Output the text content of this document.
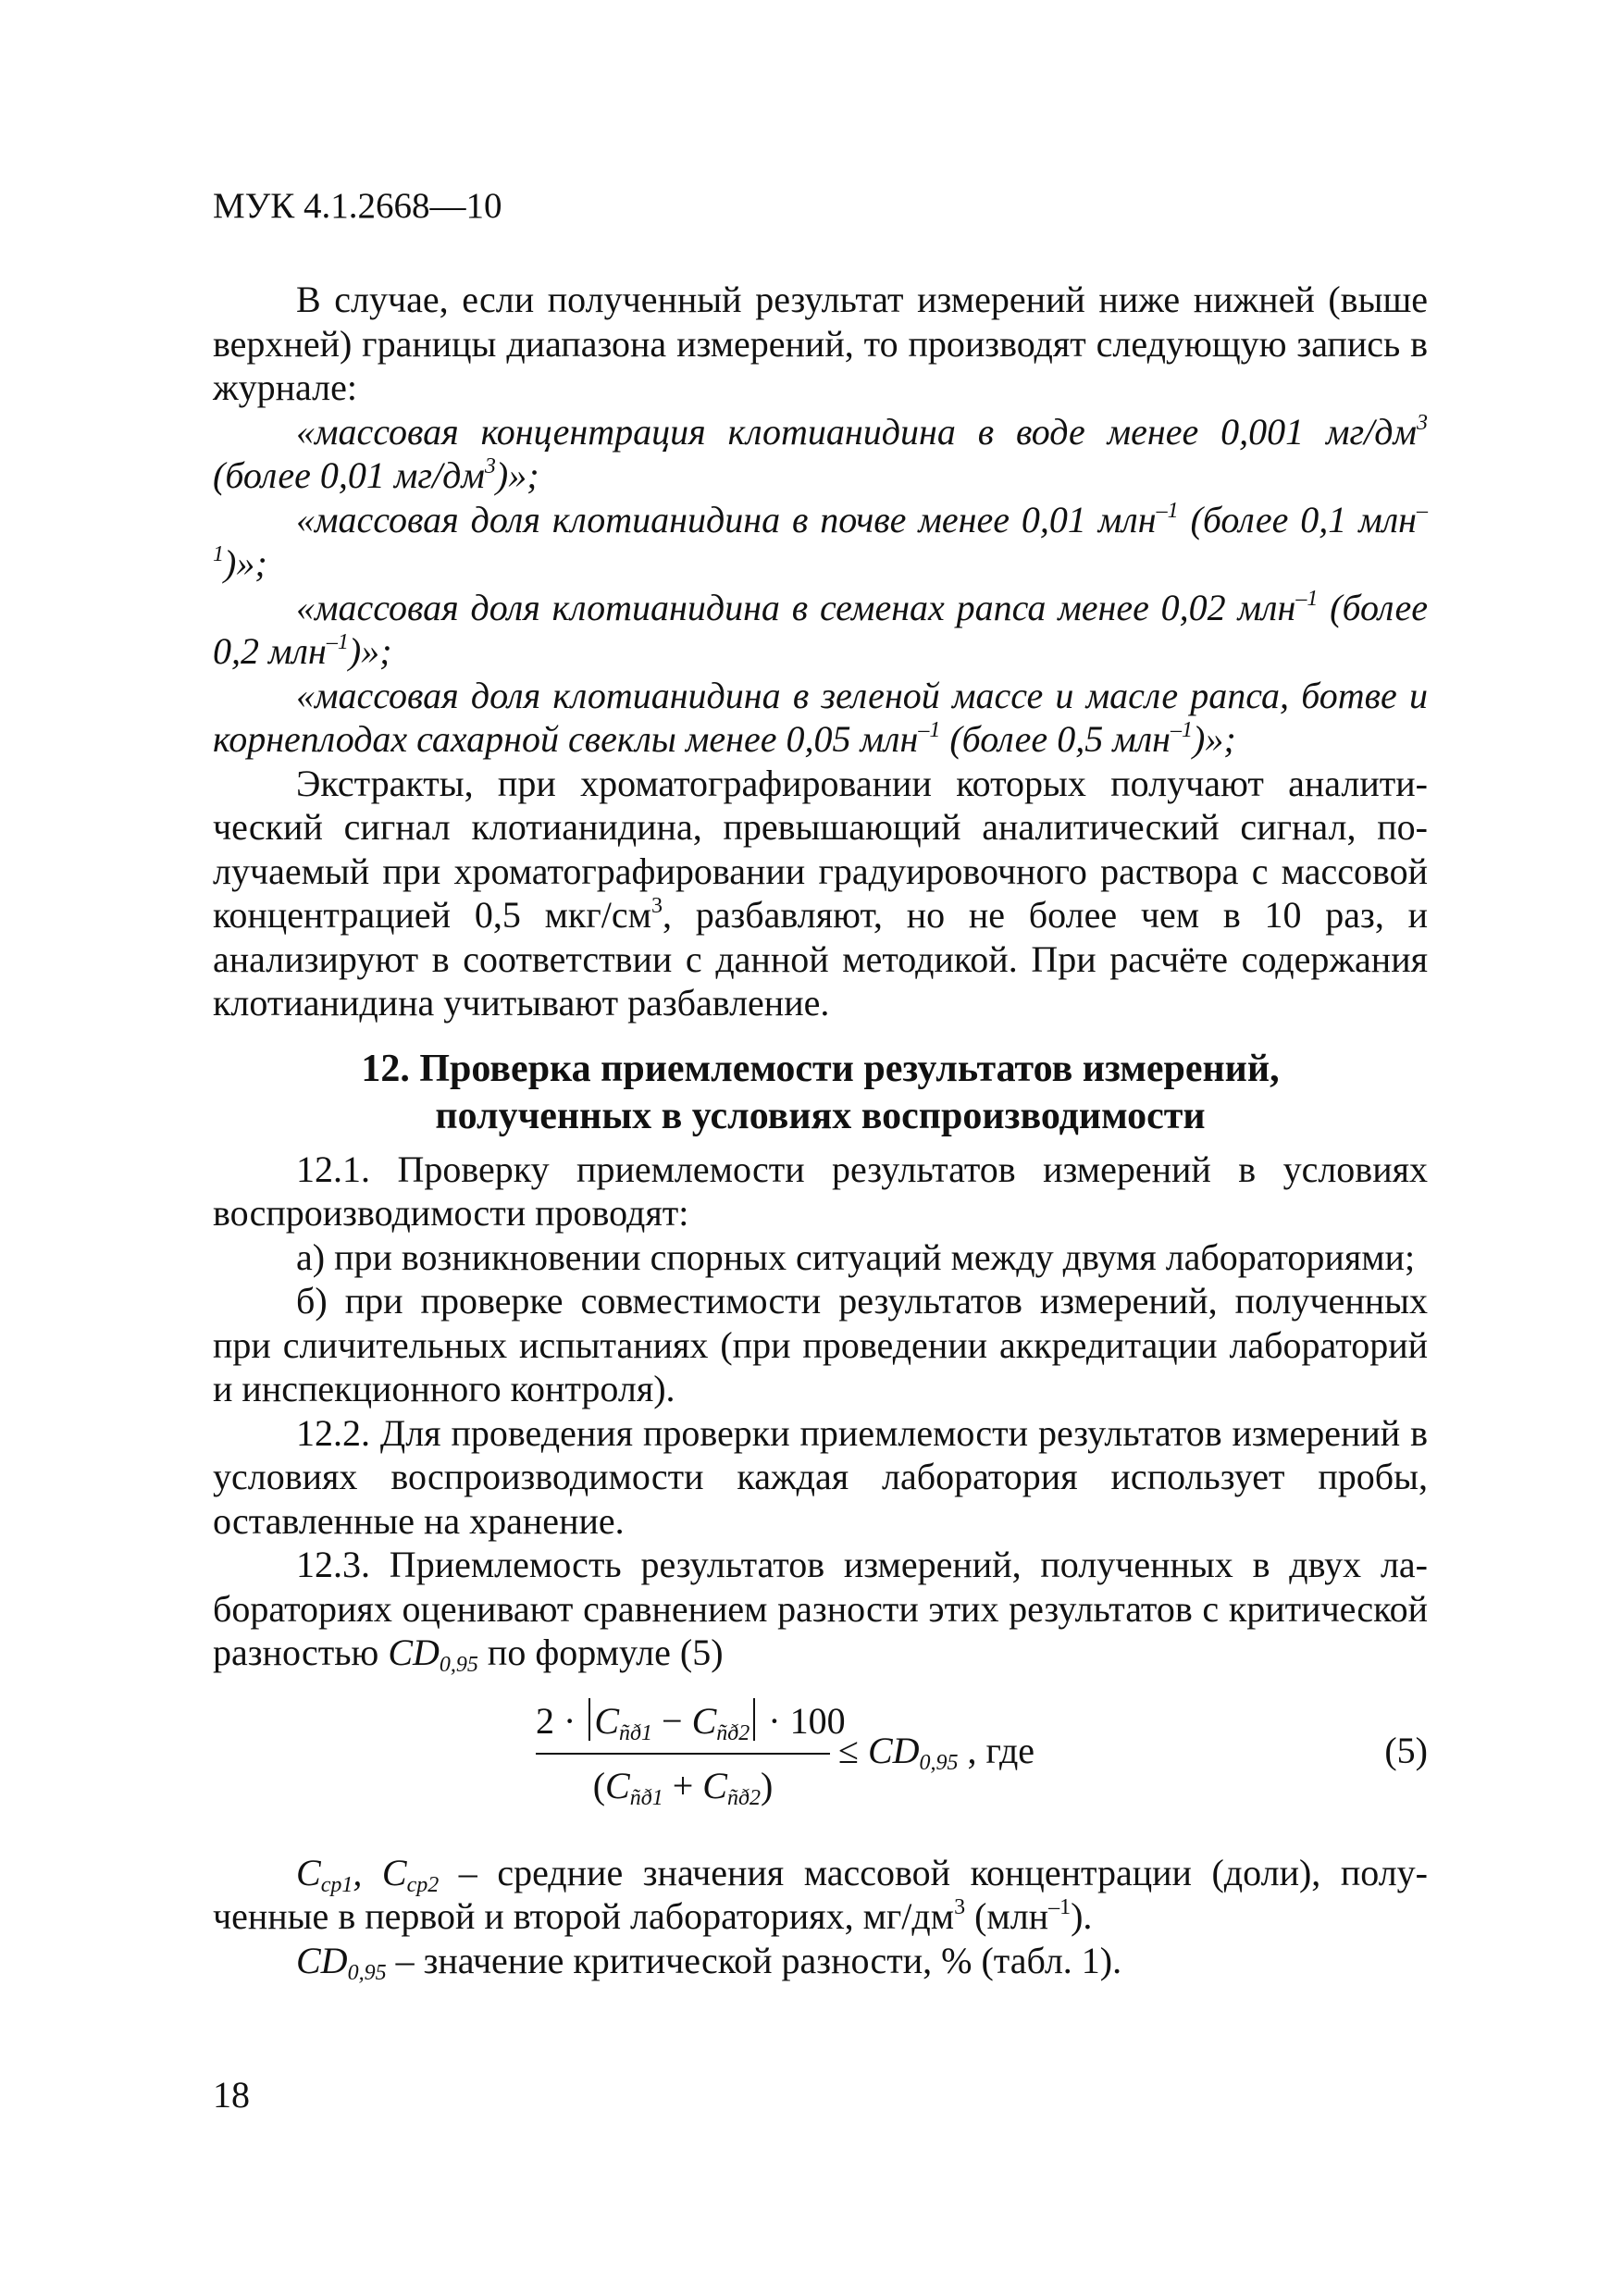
МУК 4.1.2668—10

В случае, если полученный результат измерений ниже нижней (выше верхней) границы диапазона измерений, то производят следующую запись в журнале:

«массовая концентрация клотианидина в воде менее 0,001 $мг/дм^3$ (более 0,01 $мг/дм^3$)»;

«массовая доля клотианидина в почве менее 0,01 млн$^{-1}$ (более 0,1 млн$^{-1}$)»;

«массовая доля клотианидина в семенах рапса менее 0,02 млн$^{-1}$ (более 0,2 млн$^{-1}$)»;

«массовая доля клотианидина в зеленой массе и масле рапса, ботве и корнеплодах сахарной свеклы менее 0,05 млн$^{-1}$ (более 0,5 млн$^{-1}$)»;

Экстракты, при хроматографировании которых получают аналитический сигнал клотианидина, превышающий аналитический сигнал, получаемый при хроматографировании градуировочного раствора с массовой концентрацией 0,5 мкг/$см^3$, разбавляют, но не более чем в 10 раз, и анализируют в соответствии с данной методикой. При расчёте содержания клотианидина учитывают разбавление.

12. Проверка приемлемости результатов измерений,
полученных в условиях воспроизводимости

12.1. Проверку приемлемости результатов измерений в условиях воспроизводимости проводят:

а) при возникновении спорных ситуаций между двумя лабораториями;

б) при проверке совместимости результатов измерений, полученных при сличительных испытаниях (при проведении аккредитации лабораторий и инспекционного контроля).

12.2. Для проведения проверки приемлемости результатов измерений в условиях воспроизводимости каждая лаборатория использует пробы, оставленные на хранение.

12.3. Приемлемость результатов измерений, полученных в двух лабораториях оценивают сравнением разности этих результатов с критической разностью CD0,95 по формуле (5)

$2 \cdot C_{ñð1} - C_{ñð2} \cdot 100$
$(C_{ñð1} + C_{ñð2})$
≤ $CD_{0,95}$ , где	(5)

Ccp1, Ccp2 – средние значения массовой концентрации (доли), полученные в первой и второй лабораториях, $мг/дм^3$ (млн$^{-1}$).

CD0,95 – значение критической разности, % (табл. 1).

18
